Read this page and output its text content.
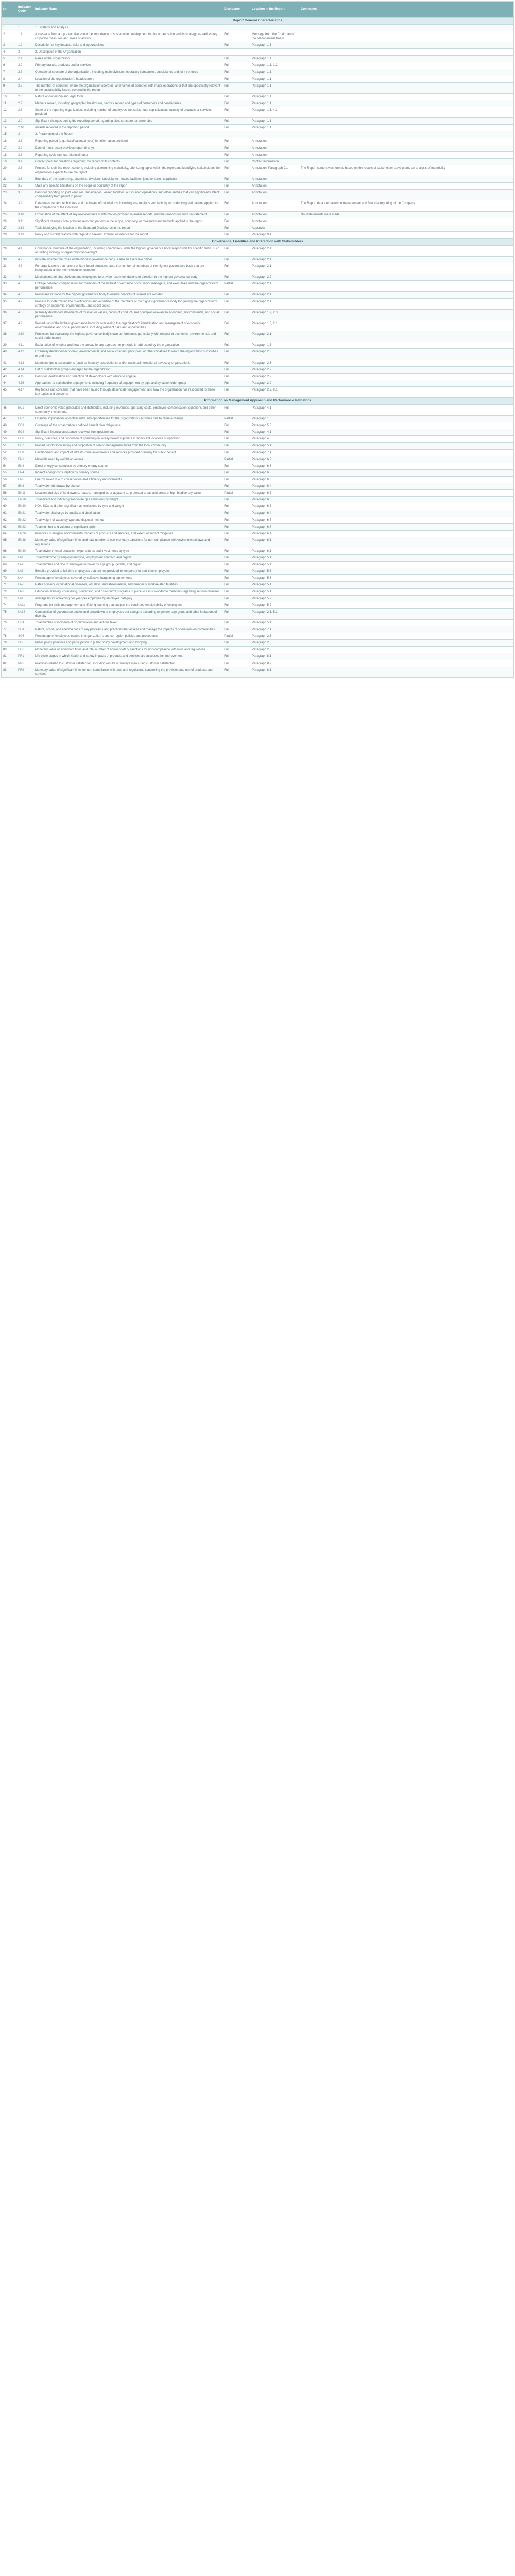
№	Indicator Code	Indicator Name	Disclosure	Location in the Report	Comments
Report General Characteristics					
1	1	1. Strategy and Analysis			
2	1.1	A message from a top executive about the importance of sustainable development for the organization and its strategy, as well as key corporate measures and areas of activity	Full	Message from the Chairman of the Management Board	
3	1.2	Description of key impacts, risks and opportunities	Full	Paragraph 1.3	
4	2	2. Description of the Organization			
5	2.1	Name of the organization	Full	Paragraph 1.1	
6	2.2	Primary brands, products and/or services	Full	Paragraph 1.1, 1.2	
7	2.3	Operational structure of the organization, including main divisions, operating companies, subsidiaries and joint ventures	Full	Paragraph 1.1	
8	2.4	Location of the organization's headquarters	Full	Paragraph 1.1	
9	2.5	The number of countries where the organization operates, and names of countries with major operations or that are specifically relevant to the sustainability issues covered in the report	Full	Paragraph 1.1	
10	2.6	Nature of ownership and legal form	Full	Paragraph 1.1	
11	2.7	Markets served, including geographic breakdown, sectors served and types of customers and beneficiaries	Full	Paragraph 1.1	
12	2.8	Scale of the reporting organization, including number of employees, net sales, total capitalization, quantity of products or services provided	Full	Paragraph 1.1, 4.1	
13	2.9	Significant changes during the reporting period regarding size, structure, or ownership	Full	Paragraph 1.1	
14	2.10	Awards received in the reporting period	Full	Paragraph 1.1	
15	3	3. Parameters of the Report			
16	3.1	Reporting period (e.g., fiscal/calendar year) for information provided	Full	Annotation	
17	3.2	Date of most recent previous report (if any)	Full	Annotation	
18	3.3	Reporting cycle (annual, biennial, etc.)	Full	Annotation	
19	3.4	Contact point for questions regarding the report or its contents	Full	Contact information	
20	3.5	Process for defining report content, including determining materiality, prioritizing topics within the report and identifying stakeholders the organization expects to use the report	Full	Annotation, Paragraph 9.1	The Report content was formed based on the results of stakeholder surveys and an analysis of materiality
21	3.6	Boundary of the report (e.g., countries, divisions, subsidiaries, leased facilities, joint ventures, suppliers)	Full	Annotation	
22	3.7	State any specific limitations on the scope or boundary of the report	Full	Annotation	
23	3.8	Basis for reporting on joint ventures, subsidiaries, leased facilities, outsourced operations, and other entities that can significantly affect comparability from period to period	Full	Annotation	
24	3.9	Data measurement techniques and the bases of calculations, including assumptions and techniques underlying estimations applied to the compilation of the indicators	Full	Annotation	The Report data are based on management and financial reporting of the Company
25	3.10	Explanation of the effect of any re-statements of information provided in earlier reports, and the reasons for such re-statement	Full	Annotation	No restatements were made
26	3.11	Significant changes from previous reporting periods in the scope, boundary, or measurement methods applied in the report	Full	Annotation	
27	3.12	Table identifying the location of the Standard Disclosures in the report	Full	Appendix	
28	3.13	Policy and current practice with regard to seeking external assurance for the report	Full	Paragraph 9.1	
Governance, Liabilities and Interaction with Stakeholders					
29	4.1	Governance structure of the organization, including committees under the highest governance body responsible for specific tasks, such as setting strategy or organizational oversight	Full	Paragraph 2.1	
30	4.2	Indicate whether the Chair of the highest governance body is also an executive officer	Full	Paragraph 2.1	
31	4.3	For organizations that have a unitary board structure, state the number of members of the highest governance body that are independent and/or non-executive members	Full	Paragraph 2.1	
32	4.4	Mechanisms for shareholders and employees to provide recommendations or direction to the highest governance body	Full	Paragraph 2.2	
33	4.5	Linkage between compensation for members of the highest governance body, senior managers, and executives and the organization's performance	Partial	Paragraph 2.1	
34	4.6	Processes in place for the highest governance body to ensure conflicts of interest are avoided	Full	Paragraph 2.1	
35	4.7	Process for determining the qualifications and expertise of the members of the highest governance body for guiding the organization's strategy on economic, environmental, and social topics	Full	Paragraph 2.1	
36	4.8	Internally developed statements of mission or values, codes of conduct, and principles relevant to economic, environmental, and social performance	Full	Paragraph 1.2, 2.3	
37	4.9	Procedures of the highest governance body for overseeing the organization's identification and management of economic, environmental, and social performance, including relevant risks and opportunities	Full	Paragraph 1.3, 2.1	
38	4.10	Processes for evaluating the highest governance body's own performance, particularly with respect to economic, environmental, and social performance	Full	Paragraph 2.1	
39	4.11	Explanation of whether and how the precautionary approach or principle is addressed by the organization	Full	Paragraph 1.3	
40	4.12	Externally developed economic, environmental, and social charters, principles, or other initiatives to which the organization subscribes or endorses	Full	Paragraph 2.3	
41	4.13	Memberships in associations (such as industry associations) and/or national/international advocacy organizations	Full	Paragraph 2.3	
42	4.14	List of stakeholder groups engaged by the organization	Full	Paragraph 2.2	
43	4.15	Basis for identification and selection of stakeholders with whom to engage	Full	Paragraph 2.2	
44	4.16	Approaches to stakeholder engagement, including frequency of engagement by type and by stakeholder group	Full	Paragraph 2.2	
45	4.17	Key topics and concerns that have been raised through stakeholder engagement, and how the organization has responded to those key topics and concerns	Full	Paragraph 2.2, 9.1	
Information on Management Approach and Performance Indicators					
46	EC1	Direct economic value generated and distributed, including revenues, operating costs, employee compensation, donations and other community investments	Full	Paragraph 4.1	
47	EC2	Financial implications and other risks and opportunities for the organization's activities due to climate change	Partial	Paragraph 1.3	
48	EC3	Coverage of the organization's defined benefit plan obligations	Full	Paragraph 5.3	
49	EC4	Significant financial assistance received from government	Full	Paragraph 4.1	
50	EC6	Policy, practices, and proportion of spending on locally-based suppliers at significant locations of operation	Full	Paragraph 4.3	
51	EC7	Procedures for local hiring and proportion of senior management hired from the local community	Full	Paragraph 5.1	
52	EC8	Development and impact of infrastructure investments and services provided primarily for public benefit	Full	Paragraph 7.1	
53	EN1	Materials used by weight or volume	Partial	Paragraph 6.2	
54	EN3	Direct energy consumption by primary energy source	Full	Paragraph 6.3	
55	EN4	Indirect energy consumption by primary source	Full	Paragraph 6.3	
56	EN5	Energy saved due to conservation and efficiency improvements	Full	Paragraph 6.3	
57	EN8	Total water withdrawal by source	Full	Paragraph 6.4	
58	EN11	Location and size of land owned, leased, managed in, or adjacent to, protected areas and areas of high biodiversity value	Partial	Paragraph 6.5	
59	EN16	Total direct and indirect greenhouse gas emissions by weight	Full	Paragraph 6.6	
60	EN20	NOx, SOx, and other significant air emissions by type and weight	Full	Paragraph 6.6	
61	EN21	Total water discharge by quality and destination	Full	Paragraph 6.4	
62	EN22	Total weight of waste by type and disposal method	Full	Paragraph 6.7	
63	EN23	Total number and volume of significant spills	Full	Paragraph 6.7	
64	EN26	Initiatives to mitigate environmental impacts of products and services, and extent of impact mitigation	Full	Paragraph 6.1	
65	EN28	Monetary value of significant fines and total number of non-monetary sanctions for non-compliance with environmental laws and regulations	Full	Paragraph 6.1	
66	EN30	Total environmental protection expenditures and investments by type	Full	Paragraph 6.1	
67	LA1	Total workforce by employment type, employment contract, and region	Full	Paragraph 5.1	
68	LA2	Total number and rate of employee turnover by age group, gender, and region	Full	Paragraph 5.1	
69	LA3	Benefits provided to full-time employees that are not provided to temporary or part-time employees	Full	Paragraph 5.3	
70	LA4	Percentage of employees covered by collective bargaining agreements	Full	Paragraph 5.3	
71	LA7	Rates of injury, occupational diseases, lost days, and absenteeism, and number of work-related fatalities	Full	Paragraph 5.4	
72	LA8	Education, training, counseling, prevention, and risk-control programs in place to assist workforce members regarding serious diseases	Full	Paragraph 5.4	
73	LA10	Average hours of training per year per employee by employee category	Full	Paragraph 5.2	
74	LA11	Programs for skills management and lifelong learning that support the continued employability of employees	Full	Paragraph 5.2	
75	LA13	Composition of governance bodies and breakdown of employees per category according to gender, age group and other indicators of diversity	Full	Paragraph 2.1, 5.1	
76	HR4	Total number of incidents of discrimination and actions taken	Full	Paragraph 5.1	
77	SO1	Nature, scope, and effectiveness of any programs and practices that assess and manage the impacts of operations on communities	Full	Paragraph 7.1	
78	SO3	Percentage of employees trained in organization's anti-corruption policies and procedures	Partial	Paragraph 2.3	
79	SO5	Public policy positions and participation in public policy development and lobbying	Full	Paragraph 2.3	
80	SO8	Monetary value of significant fines and total number of non-monetary sanctions for non-compliance with laws and regulations	Full	Paragraph 2.3	
81	PR1	Life cycle stages in which health and safety impacts of products and services are assessed for improvement	Full	Paragraph 8.1	
82	PR5	Practices related to customer satisfaction, including results of surveys measuring customer satisfaction	Full	Paragraph 8.2	
83	PR9	Monetary value of significant fines for non-compliance with laws and regulations concerning the provision and use of products and services	Full	Paragraph 8.1	
